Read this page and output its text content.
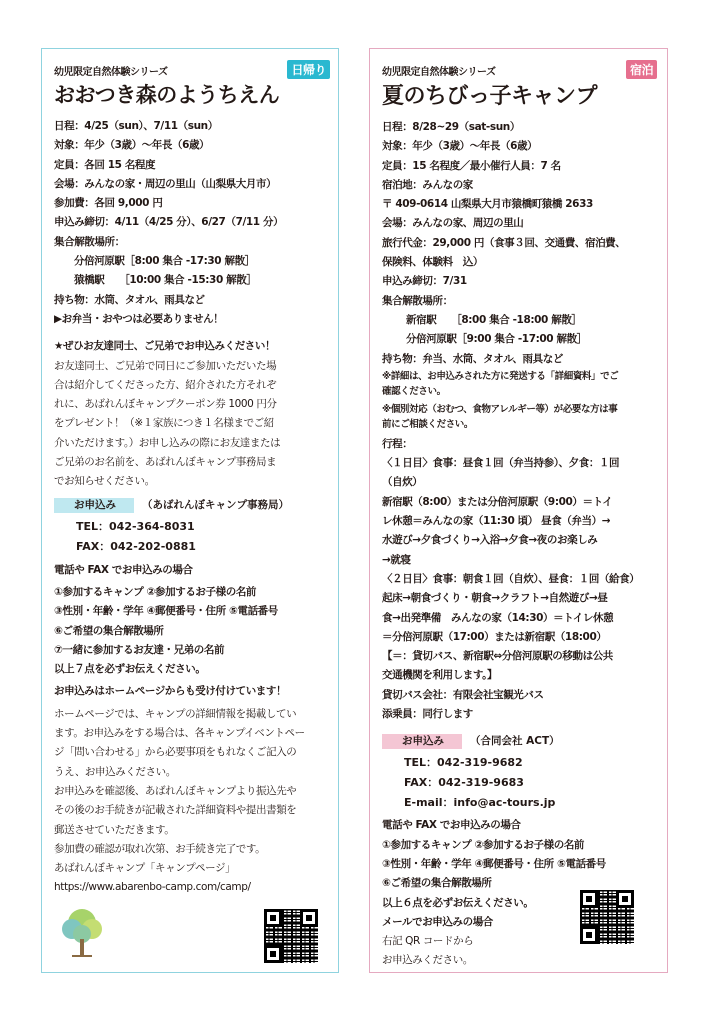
幼児限定自然体験シリーズ	日帰り
おおつき森のようちえん
日程：4/25（sun）、7/11（sun）
対象：年少（3歳）～年長（6歳）
定員：各回 15 名程度
会場：みんなの家・周辺の里山（山梨県大月市）
参加費：各回 9,000 円
申込み締切：4/11（4/25 分）、6/27（7/11 分）
集合解散場所：
分倍河原駅［8:00 集合 -17:30 解散］
猿橋駅　　［10:00 集合 -15:30 解散］
持ち物：水筒、タオル、雨具など
▶お弁当・おやつは必要ありません！
★ぜひお友達同士、ご兄弟でお申込みください！
お友達同士、ご兄弟で同日にご参加いただいた場
合は紹介してくださった方、紹介された方それぞ
れに、あばれんぼキャンプクーポン券 1000 円分
をプレゼント！（※１家族につき１名様までご紹
介いただけます。）お申し込みの際にお友達または
ご兄弟のお名前を、あばれんぼキャンプ事務局ま
でお知らせください。
お申込み	（あばれんぼキャンプ事務局）
TEL：042-364-8031
FAX：042-202-0881
電話や FAX でお申込みの場合
①参加するキャンプ ②参加するお子様の名前
③性別・年齢・学年 ④郵便番号・住所 ⑤電話番号
⑥ご希望の集合解散場所
⑦一緒に参加するお友達・兄弟の名前
以上７点を必ずお伝えください。
お申込みはホームページからも受け付けています！
ホームページでは、キャンプの詳細情報を掲載してい
ます。お申込みをする場合は、各キャンプイベントペー
ジ「問い合わせる」から必要事項をもれなくご記入の
うえ、お申込みください。
お申込みを確認後、あばれんぼキャンプより振込先や
その後のお手続きが記載された詳細資料や提出書類を
郵送させていただきます。
参加費の確認が取れ次第、お手続き完了です。
あばれんぼキャンプ「キャンプページ」
https://www.abarenbo-camp.com/camp/
幼児限定自然体験シリーズ	宿泊
夏のちびっ子キャンプ
日程：8/28~29（sat-sun）
対象：年少（3歳）～年長（6歳）
定員：15 名程度／最小催行人員：7 名
宿泊地：みんなの家
〒 409-0614 山梨県大月市猿橋町猿橋 2633
会場：みんなの家、周辺の里山
旅行代金：29,000 円（食事３回、交通費、宿泊費、
保険料、体験料　込）
申込み締切：7/31
集合解散場所：
新宿駅　　［8:00 集合 -18:00 解散］
分倍河原駅［9:00 集合 -17:00 解散］
持ち物：弁当、水筒、タオル、雨具など
※詳細は、お申込みされた方に発送する「詳細資料」でご
確認ください。
※個別対応（おむつ、食物アレルギー等）が必要な方は事
前にご相談ください。
行程：
〈１日目〉食事：昼食１回（弁当持参）、夕食：１回
（自炊）
新宿駅（8:00）または分倍河原駅（9:00）＝トイ
レ休憩＝みんなの家（11:30 頃） 昼食（弁当）→
水遊び→夕食づくり→入浴→夕食→夜のお楽しみ
→就寝
〈２日目〉食事：朝食１回（自炊）、昼食：１回（給食）
起床→朝食づくり・朝食→クラフト→自然遊び→昼
食→出発準備　みんなの家（14:30）＝トイレ休憩
＝分倍河原駅（17:00）または新宿駅（18:00）
【＝：貸切バス、新宿駅⇔分倍河原駅の移動は公共
交通機関を利用します。】
貸切バス会社：有限会社宝観光バス
添乗員：同行します
お申込み	（合同会社 ACT）
TEL：042-319-9682
FAX：042-319-9683
E-mail：info@ac-tours.jp
電話や FAX でお申込みの場合
①参加するキャンプ ②参加するお子様の名前
③性別・年齢・学年 ④郵便番号・住所 ⑤電話番号
⑥ご希望の集合解散場所
以上６点を必ずお伝えください。
メールでお申込みの場合
右記 QR コードから
お申込みください。
